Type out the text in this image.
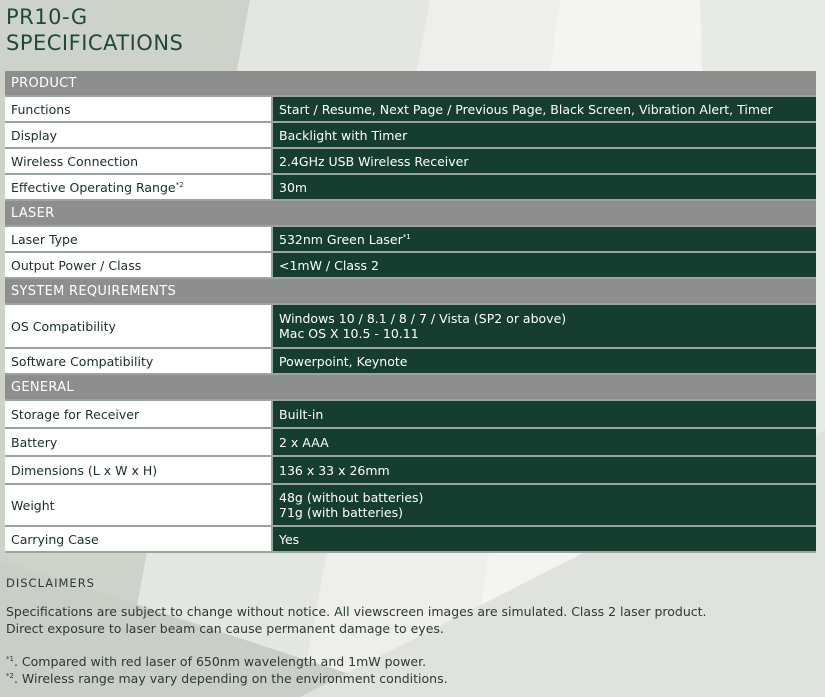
PR10-G
SPECIFICATIONS
PRODUCT	
Functions	Start / Resume, Next Page / Previous Page, Black Screen, Vibration Alert, Timer
Display	Backlight with Timer
Wireless Connection	2.4GHz USB Wireless Receiver
Effective Operating Range$^{*2}$	30m
LASER	
Laser Type	532nm Green Laser$^{*1}$
Output Power / Class	<1mW / Class 2
SYSTEM REQUIREMENTS	
OS Compatibility	Windows 10 / 8.1 / 8 / 7 / Vista (SP2 or above)
Mac OS X 10.5 - 10.11

Software Compatibility	Powerpoint, Keynote
GENERAL	
Storage for Receiver	Built-in
Battery	2 x AAA
Dimensions (L x W x H)	136 x 33 x 26mm
Weight	48g (without batteries)
71g (with batteries)

Carrying Case	Yes
DISCLAIMERS
Specifications are subject to change without notice. All viewscreen images are simulated. Class 2 laser product.
Direct exposure to laser beam can cause permanent damage to eyes.
$^{*1}$. Compared with red laser of 650nm wavelength and 1mW power.
$^{*2}$. Wireless range may vary depending on the environment conditions.
